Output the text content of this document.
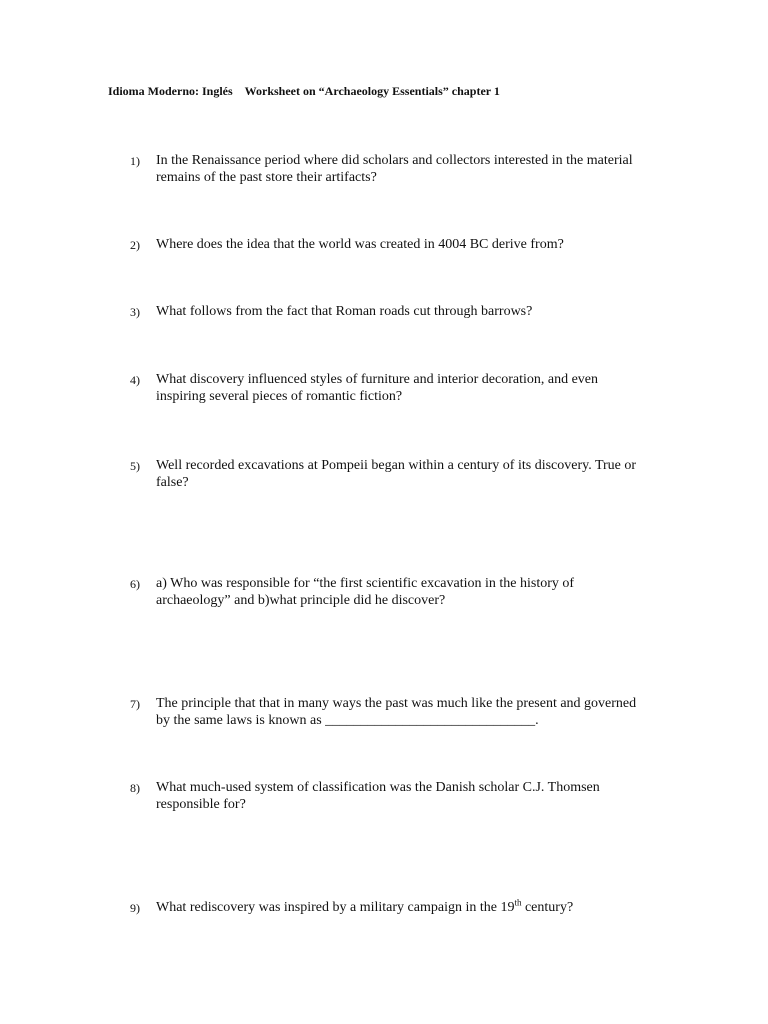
Idioma Moderno: Inglés Worksheet on “Archaeology Essentials” chapter 1
1) In the Renaissance period where did scholars and collectors interested in the material remains of the past store their artifacts?
2) Where does the idea that the world was created in 4004 BC derive from?
3) What follows from the fact that Roman roads cut through barrows?
4) What discovery influenced styles of furniture and interior decoration, and even inspiring several pieces of romantic fiction?
5) Well recorded excavations at Pompeii began within a century of its discovery. True or false?
6) a) Who was responsible for “the first scientific excavation in the history of archaeology” and b)what principle did he discover?
7) The principle that that in many ways the past was much like the present and governed by the same laws is known as ______________________________.
8) What much-used system of classification was the Danish scholar C.J. Thomsen responsible for?
9) What rediscovery was inspired by a military campaign in the 19th century?
